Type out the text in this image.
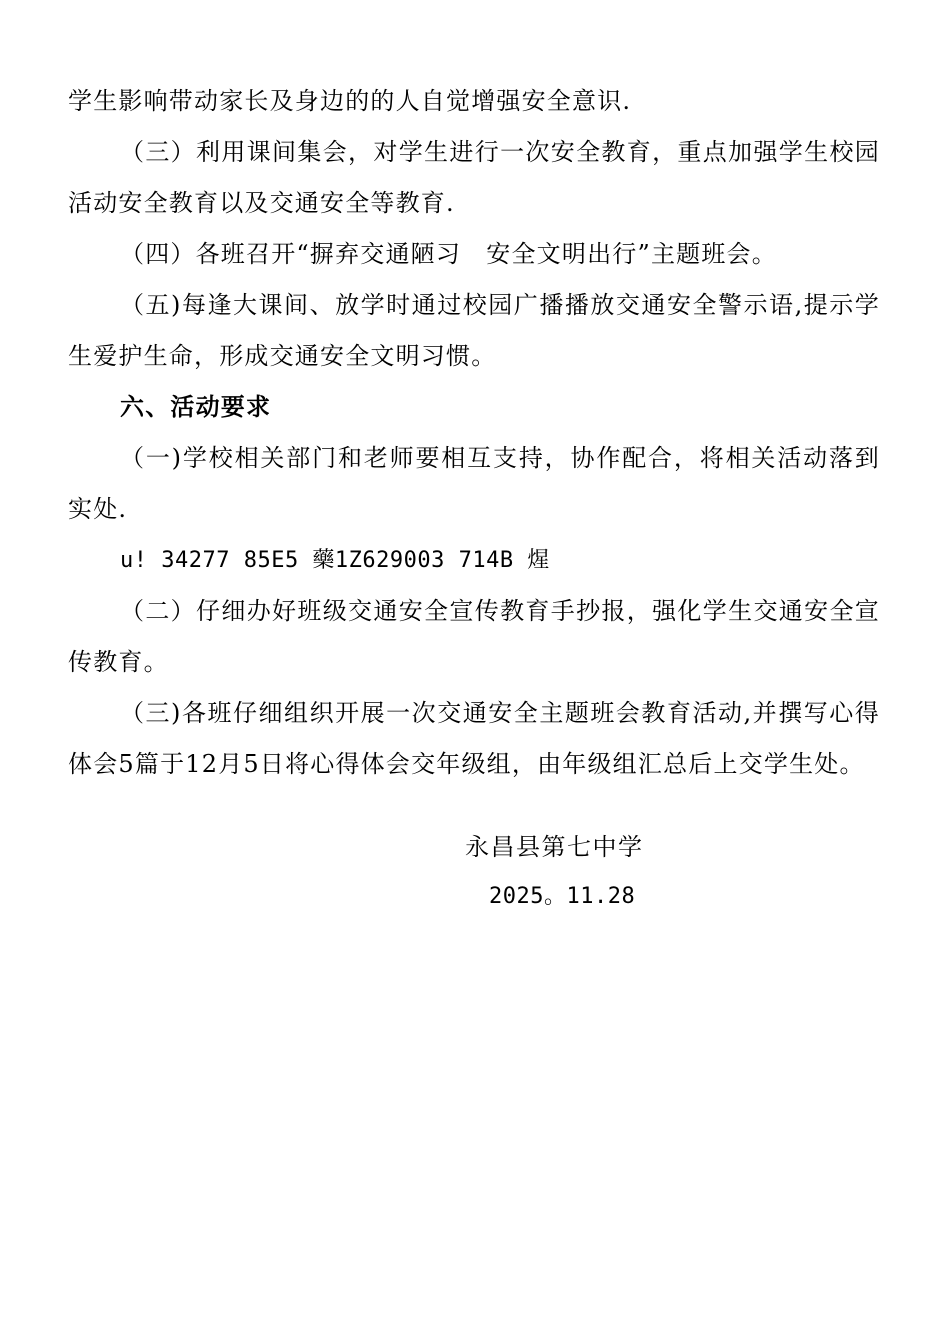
学生影响带动家长及身边的的人自觉增强安全意识.

（三）利用课间集会，对学生进行一次安全教育，重点加强学生校园活动安全教育以及交通安全等教育.

（四）各班召开“摒弃交通陋习　安全文明出行”主题班会。

（五)每逢大课间、放学时通过校园广播播放交通安全警示语,提示学生爱护生命，形成交通安全文明习惯。

六、活动要求

（一)学校相关部门和老师要相互支持，协作配合，将相关活动落到实处.

u! 34277 85E5 藥1Z629003 714B 煋

（二）仔细办好班级交通安全宣传教育手抄报，强化学生交通安全宣传教育。

（三)各班仔细组织开展一次交通安全主题班会教育活动,并撰写心得体会5篇于12月5日将心得体会交年级组，由年级组汇总后上交学生处。

永昌县第七中学

2025。11.28
